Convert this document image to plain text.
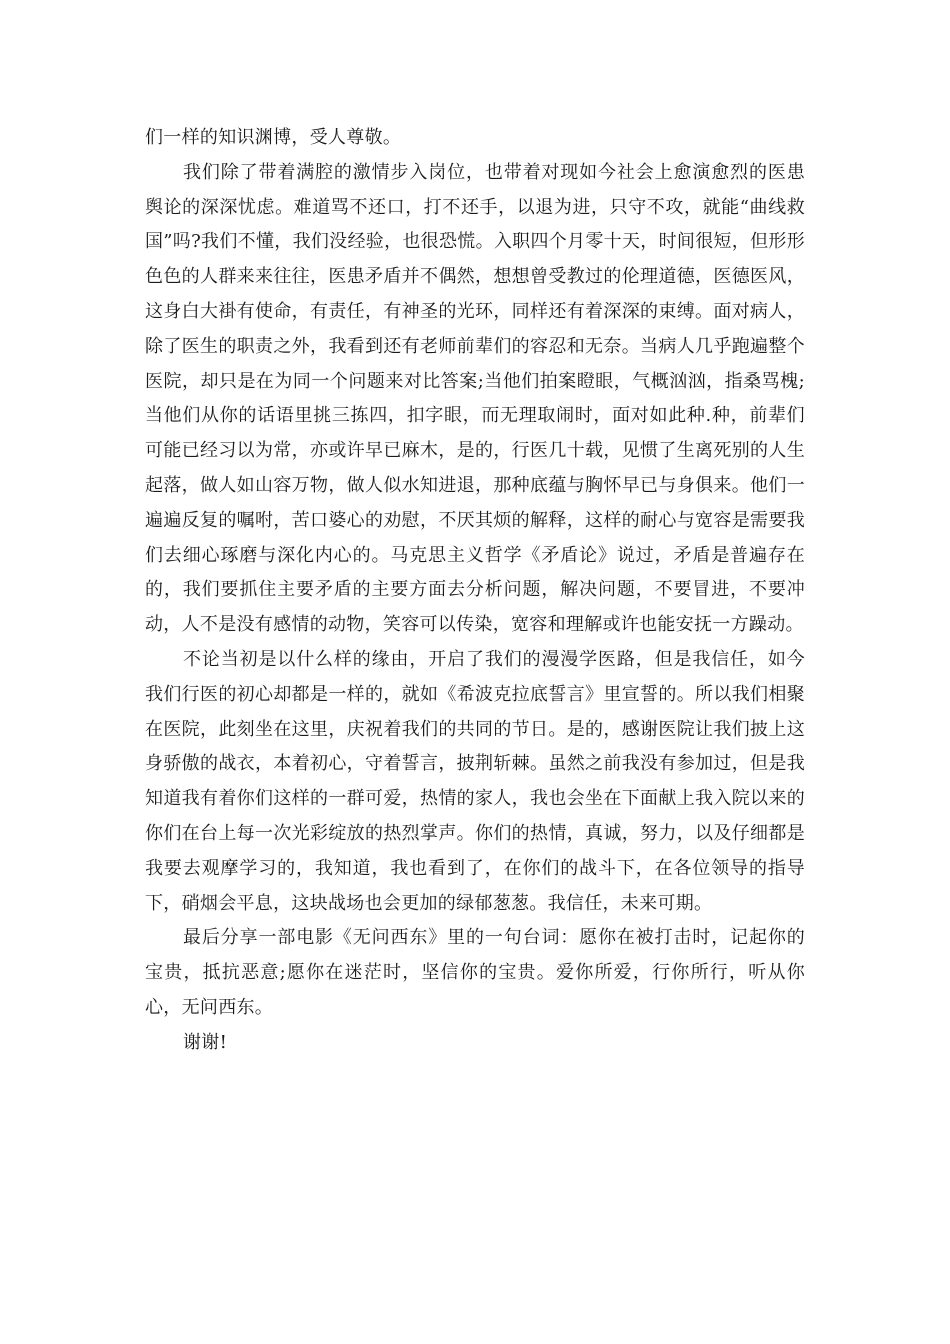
们一样的知识渊博，受人尊敬。

我们除了带着满腔的激情步入岗位，也带着对现如今社会上愈演愈烈的医患舆论的深深忧虑。难道骂不还口，打不还手，以退为进，只守不攻，就能“曲线救国”吗?我们不懂，我们没经验，也很恐慌。入职四个月零十天，时间很短，但形形色色的人群来来往往，医患矛盾并不偶然，想想曾受教过的伦理道德，医德医风，这身白大褂有使命，有责任，有神圣的光环，同样还有着深深的束缚。面对病人，除了医生的职责之外，我看到还有老师前辈们的容忍和无奈。当病人几乎跑遍整个医院，却只是在为同一个问题来对比答案;当他们拍案瞪眼，气概汹汹，指桑骂槐;当他们从你的话语里挑三拣四，扣字眼，而无理取闹时，面对如此种.种，前辈们可能已经习以为常，亦或许早已麻木，是的，行医几十载，见惯了生离死别的人生起落，做人如山容万物，做人似水知进退，那种底蕴与胸怀早已与身俱来。他们一遍遍反复的嘱咐，苦口婆心的劝慰，不厌其烦的解释，这样的耐心与宽容是需要我们去细心琢磨与深化内心的。马克思主义哲学《矛盾论》说过，矛盾是普遍存在的，我们要抓住主要矛盾的主要方面去分析问题，解决问题，不要冒进，不要冲动，人不是没有感情的动物，笑容可以传染，宽容和理解或许也能安抚一方躁动。

不论当初是以什么样的缘由，开启了我们的漫漫学医路，但是我信任，如今我们行医的初心却都是一样的，就如《希波克拉底誓言》里宣誓的。所以我们相聚在医院，此刻坐在这里，庆祝着我们的共同的节日。是的，感谢医院让我们披上这身骄傲的战衣，本着初心，守着誓言，披荆斩棘。虽然之前我没有参加过，但是我知道我有着你们这样的一群可爱，热情的家人，我也会坐在下面献上我入院以来的你们在台上每一次光彩绽放的热烈掌声。你们的热情，真诚，努力，以及仔细都是我要去观摩学习的，我知道，我也看到了，在你们的战斗下，在各位领导的指导下，硝烟会平息，这块战场也会更加的绿郁葱葱。我信任，未来可期。

最后分享一部电影《无问西东》里的一句台词：愿你在被打击时，记起你的宝贵，抵抗恶意;愿你在迷茫时，坚信你的宝贵。爱你所爱，行你所行，听从你心，无问西东。

谢谢!
